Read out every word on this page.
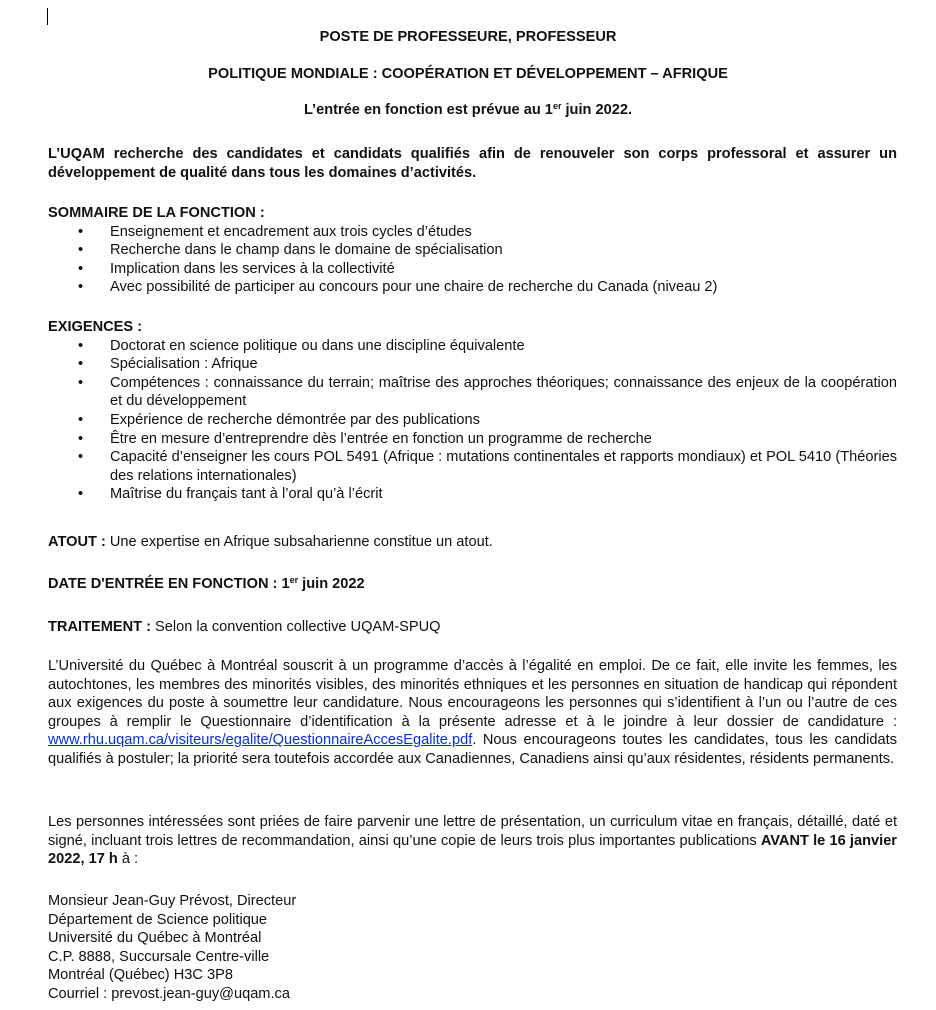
POSTE DE PROFESSEURE, PROFESSEUR
POLITIQUE MONDIALE : COOPÉRATION ET DÉVELOPPEMENT – AFRIQUE
L’entrée en fonction est prévue au 1er juin 2022.
L’UQAM recherche des candidates et candidats qualifiés afin de renouveler son corps professoral et assurer un développement de qualité dans tous les domaines d’activités.
SOMMAIRE DE LA FONCTION :
• Enseignement et encadrement aux trois cycles d’études
• Recherche dans le champ dans le domaine de spécialisation
• Implication dans les services à la collectivité
• Avec possibilité de participer au concours pour une chaire de recherche du Canada (niveau 2)
EXIGENCES :
• Doctorat en science politique ou dans une discipline équivalente
• Spécialisation : Afrique
• Compétences : connaissance du terrain; maîtrise des approches théoriques; connaissance des enjeux de la coopération et du développement
• Expérience de recherche démontrée par des publications
• Être en mesure d’entreprendre dès l’entrée en fonction un programme de recherche
• Capacité d’enseigner les cours POL 5491 (Afrique : mutations continentales et rapports mondiaux) et POL 5410 (Théories des relations internationales)
• Maîtrise du français tant à l’oral qu’à l’écrit
ATOUT : Une expertise en Afrique subsaharienne constitue un atout.
DATE D'ENTRÉE EN FONCTION : 1er juin 2022
TRAITEMENT : Selon la convention collective UQAM-SPUQ
L’Université du Québec à Montréal souscrit à un programme d’accès à l’égalité en emploi. De ce fait, elle invite les femmes, les autochtones, les membres des minorités visibles, des minorités ethniques et les personnes en situation de handicap qui répondent aux exigences du poste à soumettre leur candidature. Nous encourageons les personnes qui s’identifient à l’un ou l’autre de ces groupes à remplir le Questionnaire d’identification à la présente adresse et à le joindre à leur dossier de candidature : www.rhu.uqam.ca/visiteurs/egalite/QuestionnaireAccesEgalite.pdf. Nous encourageons toutes les candidates, tous les candidats qualifiés à postuler; la priorité sera toutefois accordée aux Canadiennes, Canadiens ainsi qu’aux résidentes, résidents permanents.
Les personnes intéressées sont priées de faire parvenir une lettre de présentation, un curriculum vitae en français, détaillé, daté et signé, incluant trois lettres de recommandation, ainsi qu’une copie de leurs trois plus importantes publications AVANT le 16 janvier 2022, 17 h à :
Monsieur Jean-Guy Prévost, Directeur
Département de Science politique
Université du Québec à Montréal
C.P. 8888, Succursale Centre-ville
Montréal (Québec) H3C 3P8
Courriel : prevost.jean-guy@uqam.ca
